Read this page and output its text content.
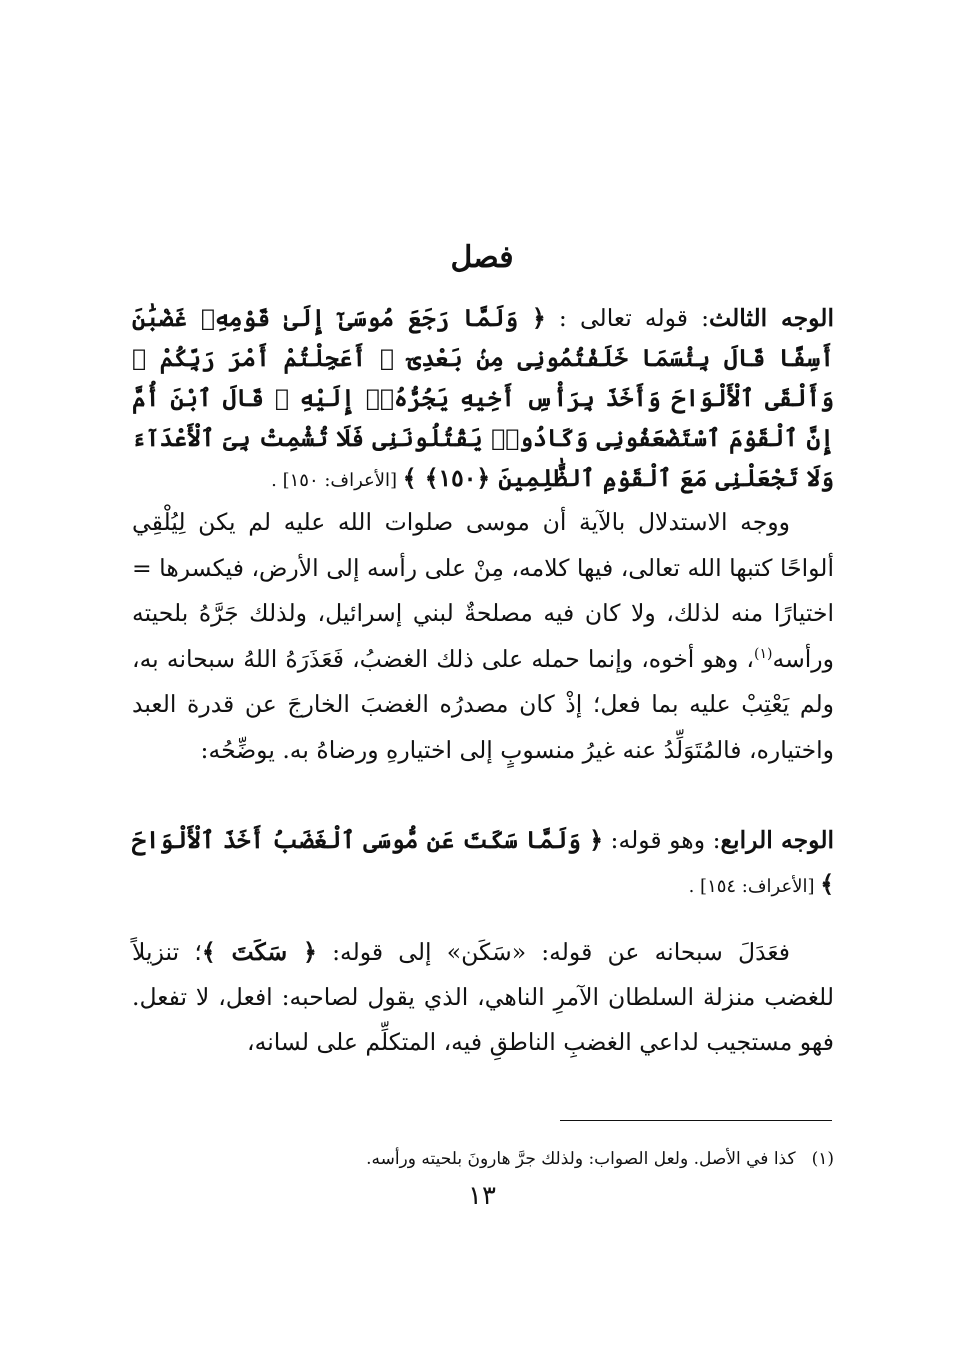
فصل
الوجه الثالث: قوله تعالى : ﴿ وَلَمَّا رَجَعَ مُوسَىٰٓ إِلَىٰ قَوْمِهِۦ غَضْبَٰنَ أَسِفًا قَالَ بِئْسَمَا خَلَفْتُمُونِى مِنۢ بَعْدِىٓ ۖ أَعَجِلْتُمْ أَمْرَ رَبِّكُمْ ۖ وَأَلْقَى ٱلْأَلْوَاحَ وَأَخَذَ بِرَأْسِ أَخِيهِ يَجُرُّهُۥٓ إِلَيْهِ ۚ قَالَ ٱبْنَ أُمَّ إِنَّ ٱلْقَوْمَ ٱسْتَضْعَفُونِى وَكَادُوا۟ يَقْتُلُونَنِى فَلَا تُشْمِتْ بِىَ ٱلْأَعْدَآءَ وَلَا تَجْعَلْنِى مَعَ ٱلْقَوْمِ ٱلظَّٰلِمِينَ ﴿١٥٠﴾ ﴾ [الأعراف: ١٥٠] .
ووجه الاستدلال بالآية أن موسى صلوات الله عليه لم يكن لِيُلْقِي ألواحًا كتبها الله تعالى، فيها كلامه، مِنْ على رأسه إلى الأرض، فيكسرها = اختيارًا منه لذلك، ولا كان فيه مصلحةٌ لبني إسرائيل، ولذلك جَرَّهُ بلحيته ورأسه$^{(١)}$، وهو أخوه، وإنما حمله على ذلك الغضبُ، فَعَذَرَهُ اللهُ سبحانه به، ولم يَعْتِبْ عليه بما فعل؛ إذْ كان مصدرُه الغضبَ الخارجَ عن قدرة العبد واختياره، فالمُتَوَلِّدُ عنه غيرُ منسوبٍ إلى اختيارهِ ورضاهُ به. يوضِّحُه:
الوجه الرابع: وهو قوله: ﴿ وَلَمَّا سَكَتَ عَن مُّوسَى ٱلْغَضَبُ أَخَذَ ٱلْأَلْوَاحَ ﴾ [الأعراف: ١٥٤] .
فعَدَلَ سبحانه عن قوله: «سَكَن» إلى قوله: ﴿ سَكَتَ ﴾؛ تنزيلاً للغضب منزلة السلطان الآمرِ الناهي، الذي يقول لصاحبه: افعل، لا تفعل. فهو مستجيب لداعي الغضبِ الناطقِ فيه، المتكلِّم على لسانه،
(١)كذا في الأصل. ولعل الصواب: ولذلك جرَّ هارونَ بلحيته ورأسه.
١٣
